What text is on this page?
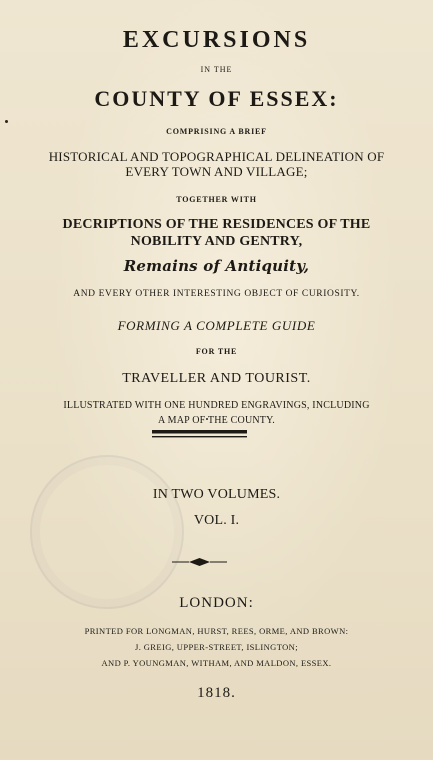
EXCURSIONS
IN THE
COUNTY OF ESSEX:
COMPRISING A BRIEF
HISTORICAL AND TOPOGRAPHICAL DELINEATION OF
EVERY TOWN AND VILLAGE;
TOGETHER WITH
DECRIPTIONS OF THE RESIDENCES OF THE
NOBILITY AND GENTRY,
Remains of Antiquity,
AND EVERY OTHER INTERESTING OBJECT OF CURIOSITY.
FORMING A COMPLETE GUIDE
FOR THE
TRAVELLER AND TOURIST.
ILLUSTRATED WITH ONE HUNDRED ENGRAVINGS, INCLUDING
A MAP OF THE COUNTY.
IN TWO VOLUMES.
VOL. I.
LONDON:
PRINTED FOR LONGMAN, HURST, REES, ORME, AND BROWN:
J. GREIG, UPPER-STREET, ISLINGTON;
AND P. YOUNGMAN, WITHAM, AND MALDON, ESSEX.
1818.
